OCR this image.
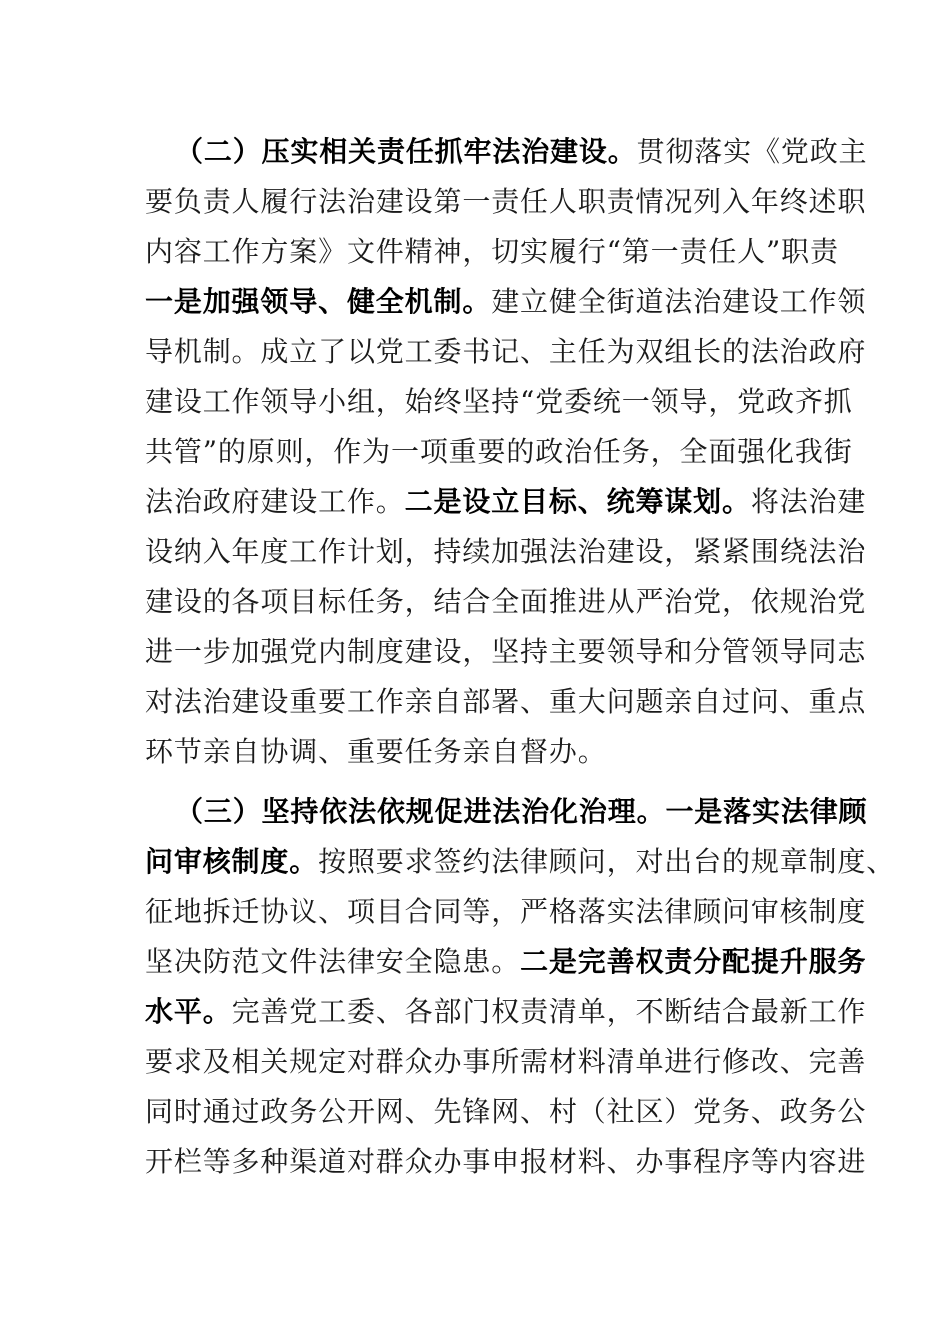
（二）压实相关责任抓牢法治建设。贯彻落实《党政主
要负责人履行法治建设第一责任人职责情况列入年终述职
内容工作方案》文件精神，切实履行“第一责任人”职责
一是加强领导、健全机制。建立健全街道法治建设工作领
导机制。成立了以党工委书记、主任为双组长的法治政府
建设工作领导小组，始终坚持“党委统一领导，党政齐抓
共管”的原则，作为一项重要的政治任务，全面强化我街
法治政府建设工作。二是设立目标、统筹谋划。将法治建
设纳入年度工作计划，持续加强法治建设，紧紧围绕法治
建设的各项目标任务，结合全面推进从严治党，依规治党
进一步加强党内制度建设，坚持主要领导和分管领导同志
对法治建设重要工作亲自部署、重大问题亲自过问、重点
环节亲自协调、重要任务亲自督办。
（三）坚持依法依规促进法治化治理。一是落实法律顾
问审核制度。按照要求签约法律顾问，对出台的规章制度、
征地拆迁协议、项目合同等，严格落实法律顾问审核制度
坚决防范文件法律安全隐患。二是完善权责分配提升服务
水平。完善党工委、各部门权责清单，不断结合最新工作
要求及相关规定对群众办事所需材料清单进行修改、完善
同时通过政务公开网、先锋网、村（社区）党务、政务公
开栏等多种渠道对群众办事申报材料、办事程序等内容进
